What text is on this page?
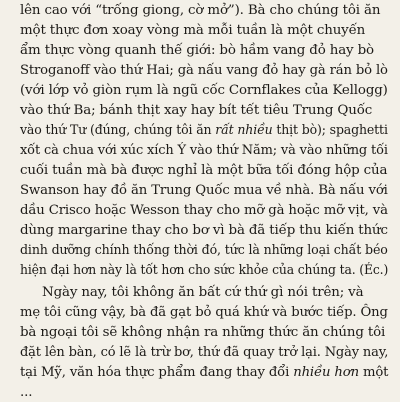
lên cao với “trống giong, cờ mở”). Bà cho chúng tôi ăn
một thực đơn xoay vòng mà mỗi tuần là một chuyến
ẩm thực vòng quanh thế giới: bò hầm vang đỏ hay bò
Stroganoff vào thứ Hai; gà nấu vang đỏ hay gà rán bỏ lò
(với lớp vỏ giòn rụm là ngũ cốc Cornflakes của Kellogg)
vào thứ Ba; bánh thịt xay hay bít tết tiêu Trung Quốc
vào thứ Tư (đúng, chúng tôi ăn rất nhiều thịt bò); spaghetti
xốt cà chua với xúc xích Ý vào thứ Năm; và vào những tối
cuối tuần mà bà được nghỉ là một bữa tối đóng hộp của
Swanson hay đồ ăn Trung Quốc mua về nhà. Bà nấu với
dầu Crisco hoặc Wesson thay cho mỡ gà hoặc mỡ vịt, và
dùng margarine thay cho bơ vì bà đã tiếp thu kiến thức
dinh dưỡng chính thống thời đó, tức là những loại chất béo
hiện đại hơn này là tốt hơn cho sức khỏe của chúng ta. (Éc.)
Ngày nay, tôi không ăn bất cứ thứ gì nói trên; và
mẹ tôi cũng vậy, bà đã gạt bỏ quá khứ và bước tiếp. Ông
bà ngoại tôi sẽ không nhận ra những thức ăn chúng tôi
đặt lên bàn, có lẽ là trừ bơ, thứ đã quay trở lại. Ngày nay,
tại Mỹ, văn hóa thực phẩm đang thay đổi nhiều hơn một
...
